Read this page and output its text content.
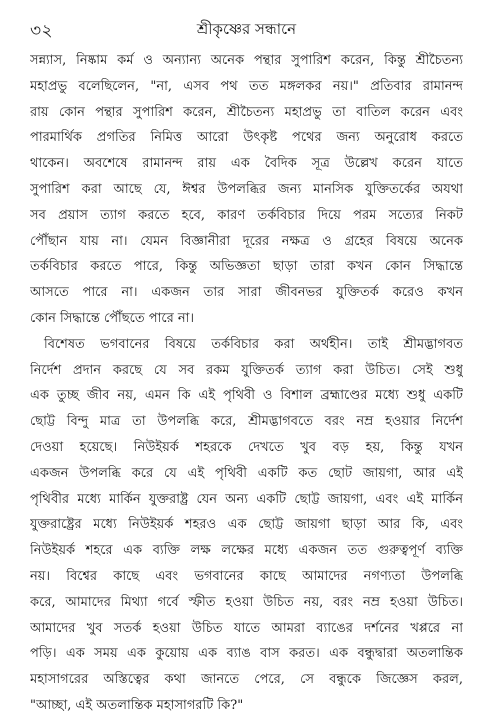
৩২	শ্রীকৃষ্ণের সন্ধানে
সন্ন্যাস, নিষ্কাম কর্ম ও অন্যান্য অনেক পন্থার সুপারিশ করেন, কিন্তু শ্রীচৈতন্য
মহাপ্রভু বলেছিলেন, "না, এসব পথ তত মঙ্গলকর নয়।" প্রতিবার রামানন্দ
রায় কোন পন্থার সুপারিশ করেন, শ্রীচৈতন্য মহাপ্রভু তা বাতিল করেন এবং
পারমার্থিক প্রগতির নিমিত্ত আরো উৎকৃষ্ট পথের জন্য অনুরোধ করতে
থাকেন। অবশেষে রামানন্দ রায় এক বৈদিক সূত্র উল্লেখ করেন যাতে
সুপারিশ করা আছে যে, ঈশ্বর উপলব্ধির জন্য মানসিক যুক্তিতর্কের অযথা
সব প্রয়াস ত্যাগ করতে হবে, কারণ তর্কবিচার দিয়ে পরম সত্যের নিকট
পৌঁছান যায় না। যেমন বিজ্ঞানীরা দূরের নক্ষত্র ও গ্রহের বিষয়ে অনেক
তর্কবিচার করতে পারে, কিন্তু অভিজ্ঞতা ছাড়া তারা কখন কোন সিদ্ধান্তে
আসতে পারে না। একজন তার সারা জীবনভর যুক্তিতর্ক করেও কখন
কোন সিদ্ধান্তে পৌঁছতে পারে না।
বিশেষত ভগবানের বিষয়ে তর্কবিচার করা অর্থহীন। তাই শ্রীমদ্ভাগবত
নির্দেশ প্রদান করছে যে সব রকম যুক্তিতর্ক ত্যাগ করা উচিত। সেই শুধু
এক তুচ্ছ জীব নয়, এমন কি এই পৃথিবী ও বিশাল ব্রহ্মাণ্ডের মধ্যে শুধু একটি
ছোট্ট বিন্দু মাত্র তা উপলব্ধি করে, শ্রীমদ্ভাগবতে বরং নম্র হওয়ার নির্দেশ
দেওয়া হয়েছে। নিউইয়র্ক শহরকে দেখতে খুব বড় হয়, কিন্তু যখন
একজন উপলব্ধি করে যে এই পৃথিবী একটি কত ছোট জায়গা, আর এই
পৃথিবীর মধ্যে মার্কিন যুক্তরাষ্ট্র যেন অন্য একটি ছোট্ট জায়গা, এবং এই মার্কিন
যুক্তরাষ্ট্রের মধ্যে নিউইয়র্ক শহরও এক ছোট্ট জায়গা ছাড়া আর কি, এবং
নিউইয়র্ক শহরে এক ব্যক্তি লক্ষ লক্ষের মধ্যে একজন তত গুরুত্বপূর্ণ ব্যক্তি
নয়। বিশ্বের কাছে এবং ভগবানের কাছে আমাদের নগণ্যতা উপলব্ধি
করে, আমাদের মিথ্যা গর্বে স্ফীত হওয়া উচিত নয়, বরং নম্র হওয়া উচিত।
আমাদের খুব সতর্ক হওয়া উচিত যাতে আমরা ব্যাঙের দর্শনের খপ্পরে না
পড়ি। এক সময় এক কুয়োয় এক ব্যাঙ বাস করত। এক বন্ধুদ্বারা অতলান্তিক
মহাসাগরের অস্তিত্বের কথা জানতে পেরে, সে বন্ধুকে জিজ্ঞেস করল,
"আচ্ছা, এই অতলান্তিক মহাসাগরটি কি?"
